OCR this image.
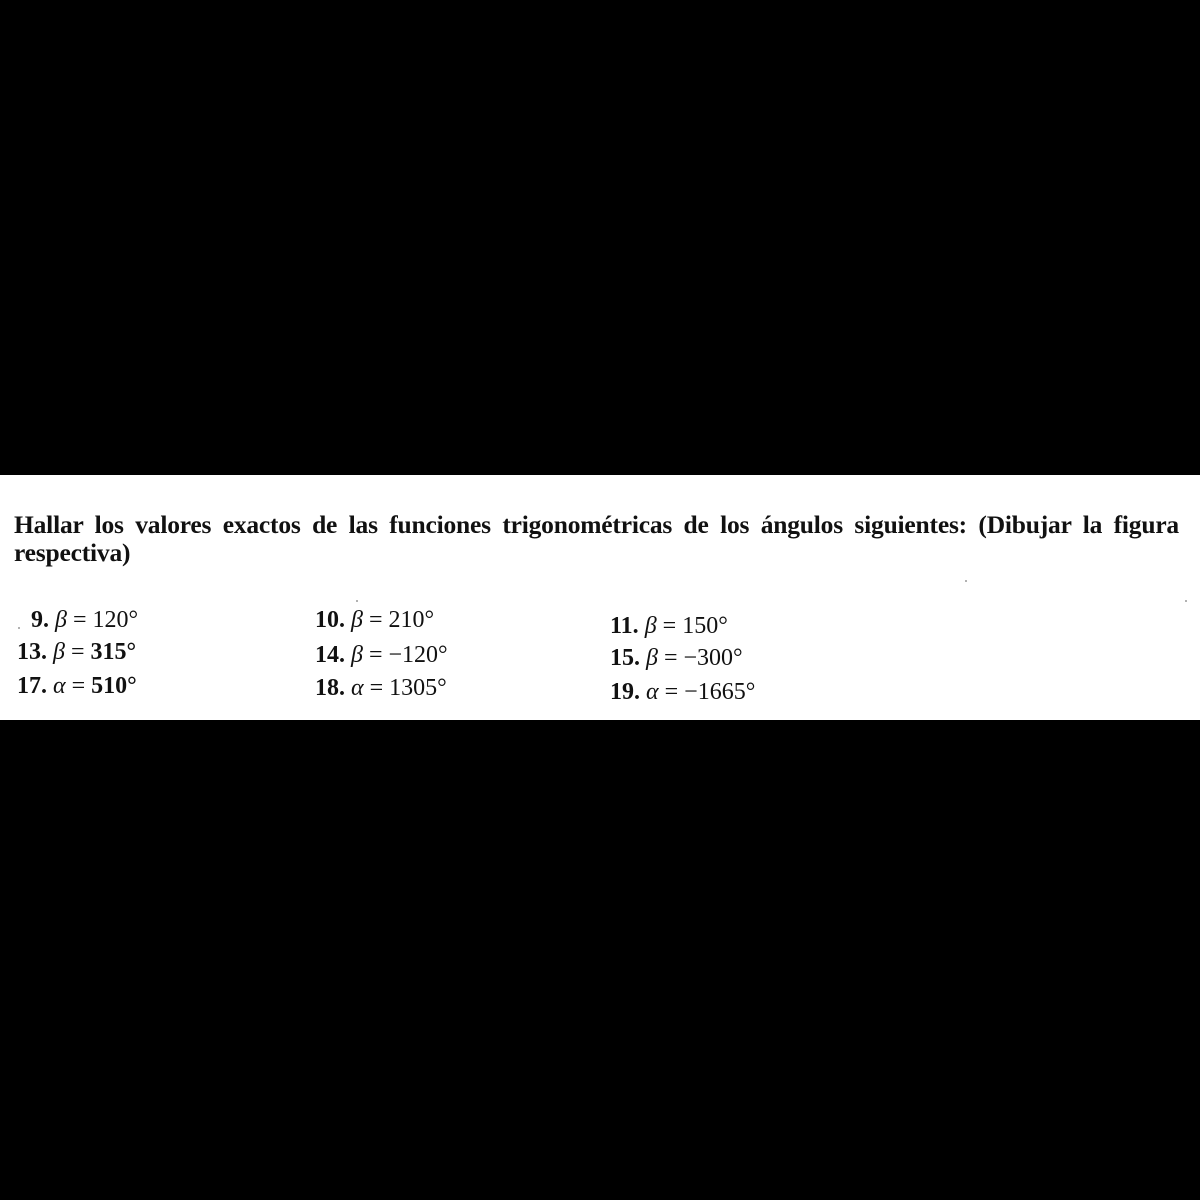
Hallar los valores exactos de las funciones trigonométricas de los ángulos siguientes: (Dibujar la figura respectiva)
9. β = 120°	10. β = 210°	11. β = 150°
13. β = 315°	14. β = −120°	15. β = −300°
17. α = 510°	18. α = 1305°	19. α = −1665°
